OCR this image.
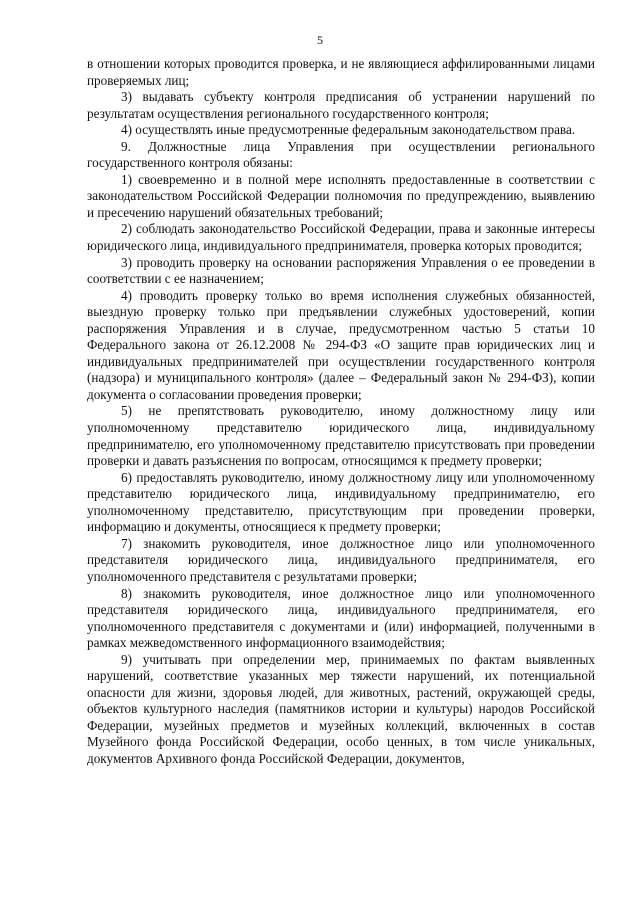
5

в отношении которых проводится проверка, и не являющиеся аффилированными лицами проверяемых лиц;

3) выдавать субъекту контроля предписания об устранении нарушений по результатам осуществления регионального государственного контроля;

4) осуществлять иные предусмотренные федеральным законодательством права.

9. Должностные лица Управления при осуществлении регионального государственного контроля обязаны:

1) своевременно и в полной мере исполнять предоставленные в соответствии с законодательством Российской Федерации полномочия по предупреждению, выявлению и пресечению нарушений обязательных требований;

2) соблюдать законодательство Российской Федерации, права и законные интересы юридического лица, индивидуального предпринимателя, проверка которых проводится;

3) проводить проверку на основании распоряжения Управления о ее проведении в соответствии с ее назначением;

4) проводить проверку только во время исполнения служебных обязанностей, выездную проверку только при предъявлении служебных удостоверений, копии распоряжения Управления и в случае, предусмотренном частью 5 статьи 10 Федерального закона от 26.12.2008 № 294-ФЗ «О защите прав юридических лиц и индивидуальных предпринимателей при осуществлении государственного контроля (надзора) и муниципального контроля» (далее – Федеральный закон № 294-ФЗ), копии документа о согласовании проведения проверки;

5) не препятствовать руководителю, иному должностному лицу или уполномоченному представителю юридического лица, индивидуальному предпринимателю, его уполномоченному представителю присутствовать при проведении проверки и давать разъяснения по вопросам, относящимся к предмету проверки;

6) предоставлять руководителю, иному должностному лицу или уполномоченному представителю юридического лица, индивидуальному предпринимателю, его уполномоченному представителю, присутствующим при проведении проверки, информацию и документы, относящиеся к предмету проверки;

7) знакомить руководителя, иное должностное лицо или уполномоченного представителя юридического лица, индивидуального предпринимателя, его уполномоченного представителя с результатами проверки;

8) знакомить руководителя, иное должностное лицо или уполномоченного представителя юридического лица, индивидуального предпринимателя, его уполномоченного представителя с документами и (или) информацией, полученными в рамках межведомственного информационного взаимодействия;

9) учитывать при определении мер, принимаемых по фактам выявленных нарушений, соответствие указанных мер тяжести нарушений, их потенциальной опасности для жизни, здоровья людей, для животных, растений, окружающей среды, объектов культурного наследия (памятников истории и культуры) народов Российской Федерации, музейных предметов и музейных коллекций, включенных в состав Музейного фонда Российской Федерации, особо ценных, в том числе уникальных, документов Архивного фонда Российской Федерации, документов,
